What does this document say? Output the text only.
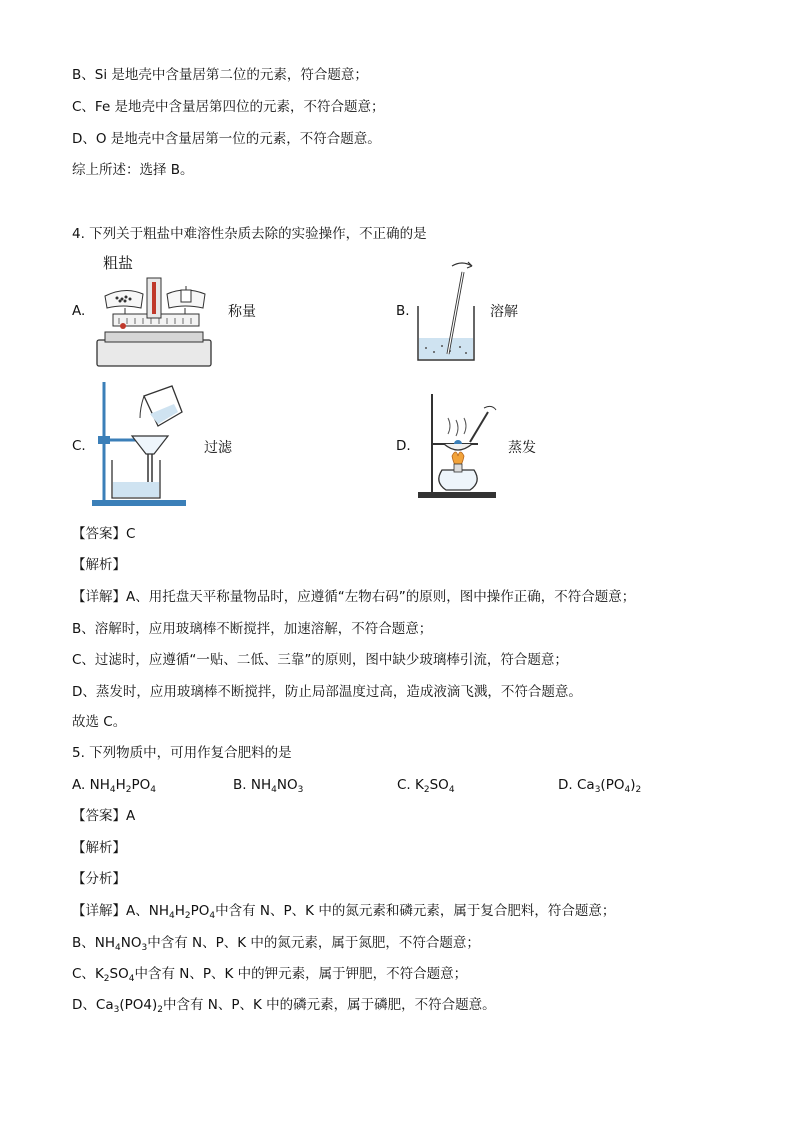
B、Si 是地壳中含量居第二位的元素，符合题意；
C、Fe 是地壳中含量居第四位的元素，不符合题意；
D、O 是地壳中含量居第一位的元素，不符合题意。
综上所述：选择 B。
4. 下列关于粗盐中难溶性杂质去除的实验操作，不正确的是
A.
粗盐
称量	B.	溶解
C.	过滤	D.	蒸发
【答案】C
【解析】
【详解】A、用托盘天平称量物品时，应遵循“左物右码”的原则，图中操作正确，不符合题意；
B、溶解时，应用玻璃棒不断搅拌，加速溶解，不符合题意；
C、过滤时，应遵循“一贴、二低、三靠”的原则，图中缺少玻璃棒引流，符合题意；
D、蒸发时，应用玻璃棒不断搅拌，防止局部温度过高，造成液滴飞溅，不符合题意。
故选 C。
5. 下列物质中，可用作复合肥料的是
A. $NH_4H_2PO_4$	B. $NH_4NO_3$	C. $K_2SO_4$	D. $Ca_3(PO_4)_2$
【答案】A
【解析】
【分析】
【详解】A、$NH_4H_2PO_4$中含有 N、P、K 中的氮元素和磷元素，属于复合肥料，符合题意；
B、$NH_4NO_3$中含有 N、P、K 中的氮元素，属于氮肥，不符合题意；
C、$K_2SO_4$中含有 N、P、K 中的钾元素，属于钾肥，不符合题意；
D、$Ca_3(PO4)_2$中含有 N、P、K 中的磷元素，属于磷肥，不符合题意。
